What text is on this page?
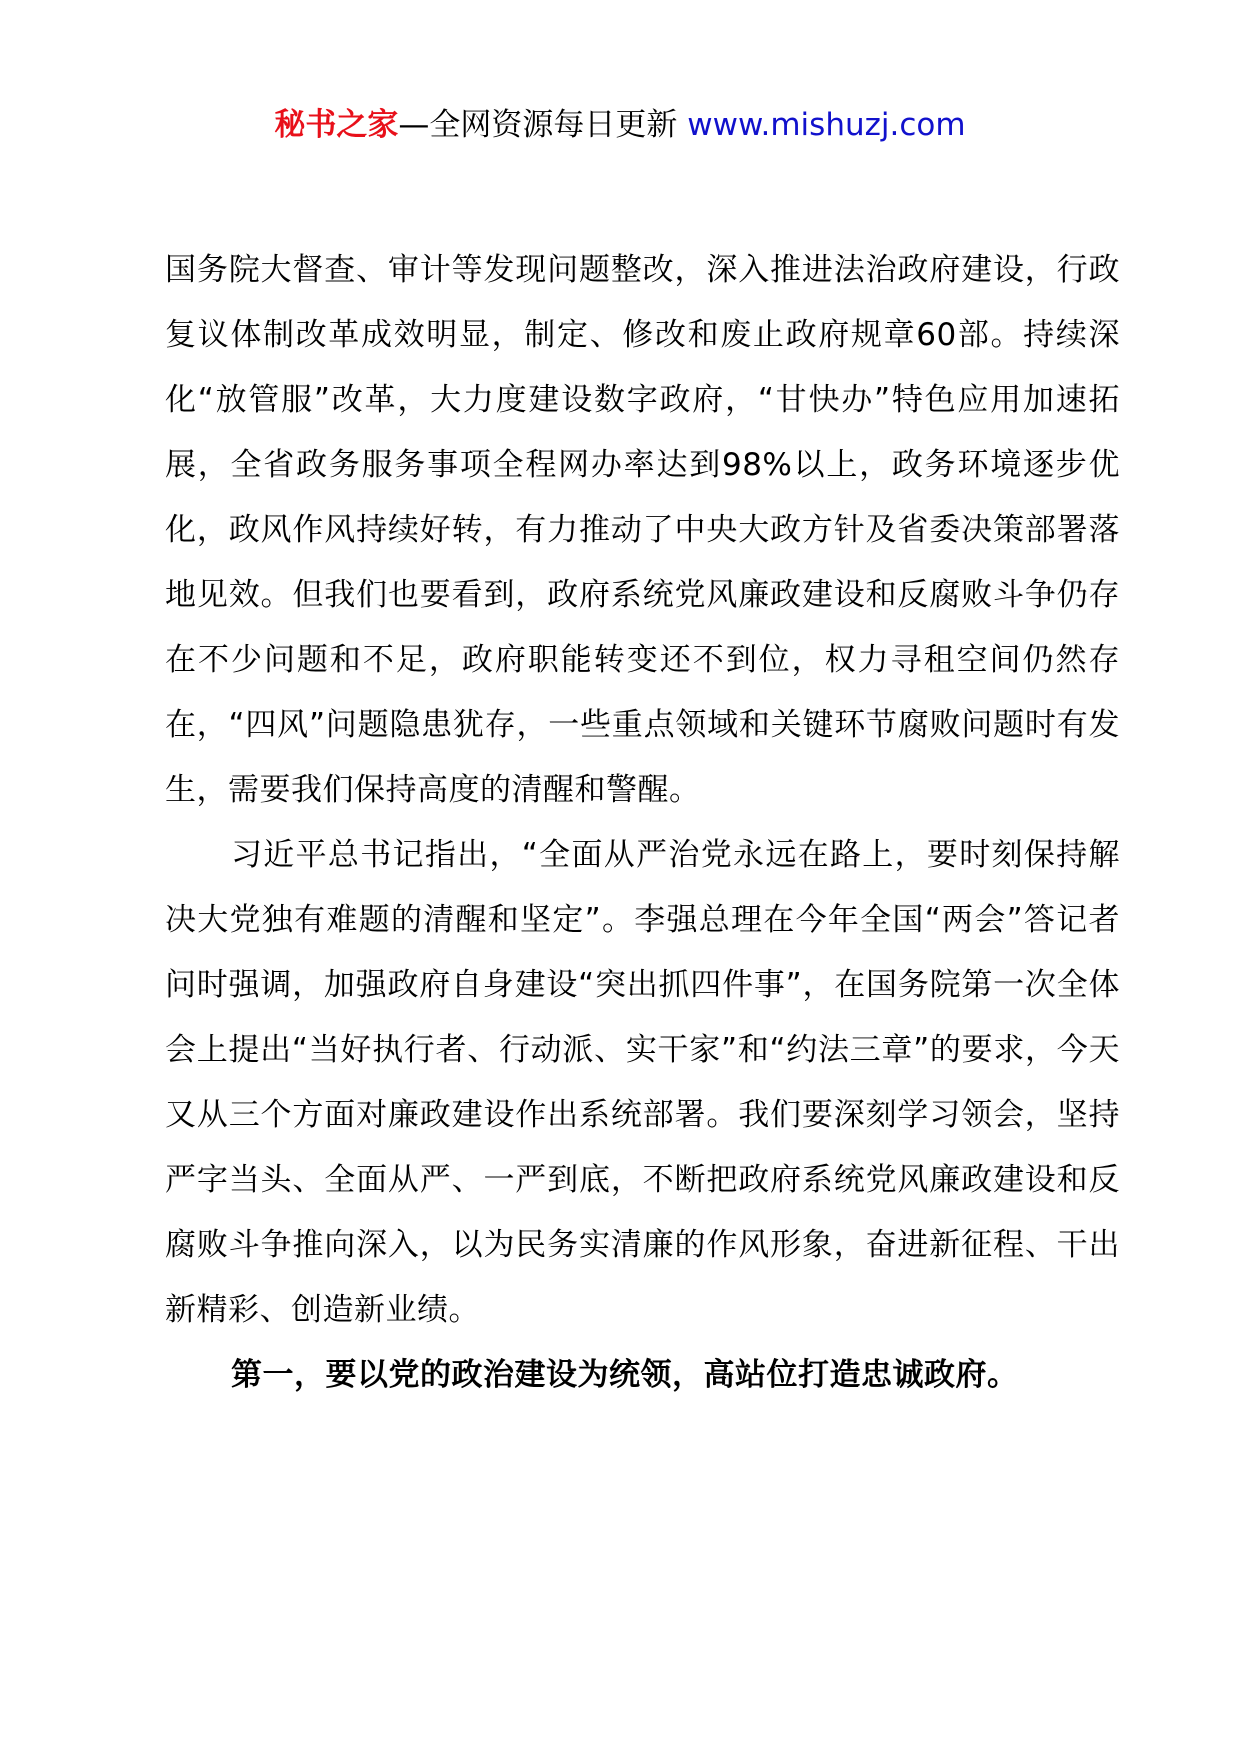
秘书之家—全网资源每日更新 www.mishuzj.com

国务院大督查、审计等发现问题整改，深入推进法治政府建设，行政复议体制改革成效明显，制定、修改和废止政府规章60部。持续深化“放管服”改革，大力度建设数字政府，“甘快办”特色应用加速拓展，全省政务服务事项全程网办率达到98%以上，政务环境逐步优化，政风作风持续好转，有力推动了中央大政方针及省委决策部署落地见效。但我们也要看到，政府系统党风廉政建设和反腐败斗争仍存在不少问题和不足，政府职能转变还不到位，权力寻租空间仍然存在，“四风”问题隐患犹存，一些重点领域和关键环节腐败问题时有发生，需要我们保持高度的清醒和警醒。

习近平总书记指出，“全面从严治党永远在路上，要时刻保持解决大党独有难题的清醒和坚定”。李强总理在今年全国“两会”答记者问时强调，加强政府自身建设“突出抓四件事”，在国务院第一次全体会上提出“当好执行者、行动派、实干家”和“约法三章”的要求，今天又从三个方面对廉政建设作出系统部署。我们要深刻学习领会，坚持严字当头、全面从严、一严到底，不断把政府系统党风廉政建设和反腐败斗争推向深入，以为民务实清廉的作风形象，奋进新征程、干出新精彩、创造新业绩。

第一，要以党的政治建设为统领，高站位打造忠诚政府。
